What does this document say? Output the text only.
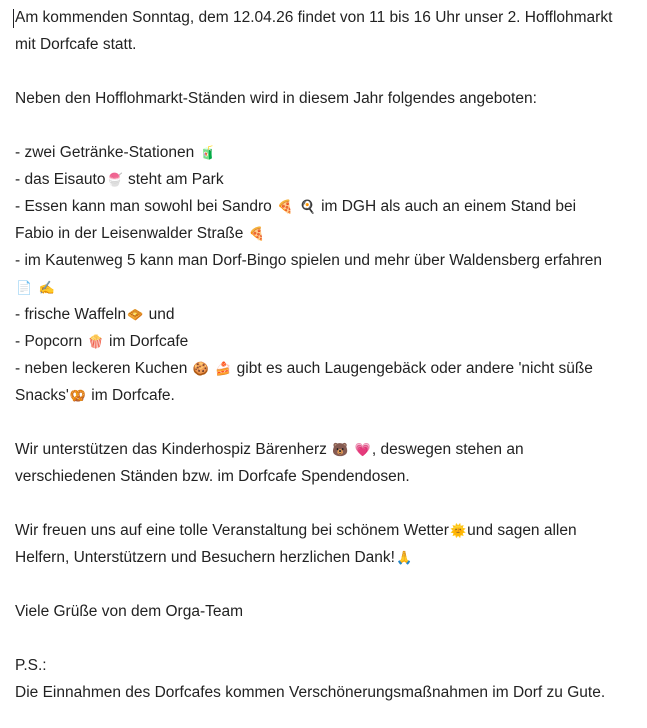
Am kommenden Sonntag, dem 12.04.26 findet von 11 bis 16 Uhr unser 2. Hofflohmarkt
mit Dorfcafe statt.
Neben den Hofflohmarkt-Ständen wird in diesem Jahr folgendes angeboten:
- zwei Getränke-Stationen 🧃
- das Eisauto🍧 steht am Park
- Essen kann man sowohl bei Sandro 🍕 🍳 im DGH als auch an einem Stand bei
Fabio in der Leisenwalder Straße 🍕
- im Kautenweg 5 kann man Dorf-Bingo spielen und mehr über Waldensberg erfahren
📄 ✍️
- frische Waffeln🧇 und
- Popcorn 🍿 im Dorfcafe
- neben leckeren Kuchen 🍪 🍰 gibt es auch Laugengebäck oder andere 'nicht süße
Snacks'🥨 im Dorfcafe.
Wir unterstützen das Kinderhospiz Bärenherz 🐻 💗, deswegen stehen an
verschiedenen Ständen bzw. im Dorfcafe Spendendosen.
Wir freuen uns auf eine tolle Veranstaltung bei schönem Wetter🌞und sagen allen
Helfern, Unterstützern und Besuchern herzlichen Dank!🙏
Viele Grüße von dem Orga-Team
P.S.:
Die Einnahmen des Dorfcafes kommen Verschönerungsmaßnahmen im Dorf zu Gute.
